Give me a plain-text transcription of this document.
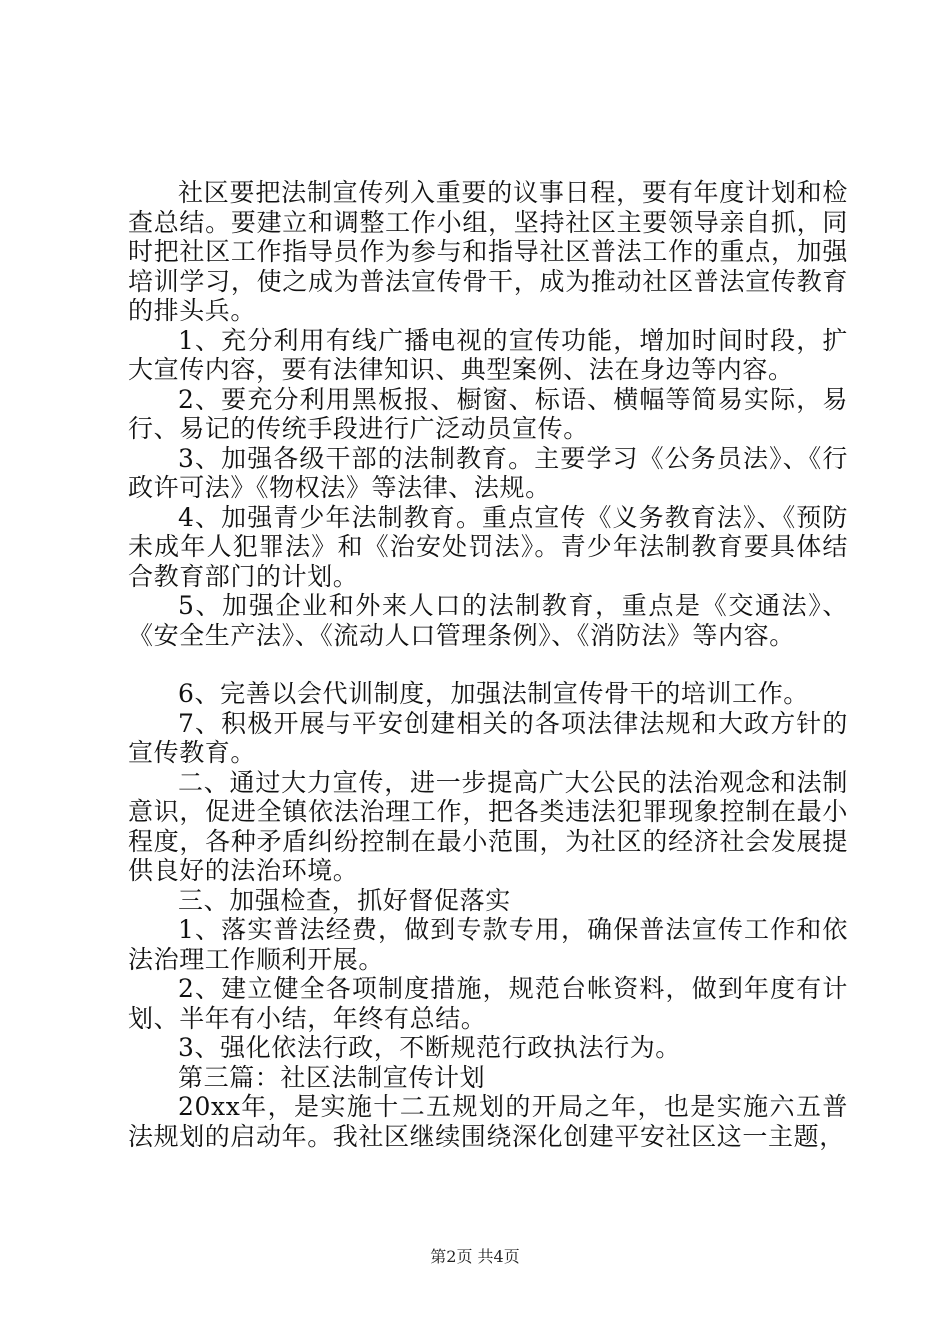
社区要把法制宣传列入重要的议事日程，要有年度计划和检查总结。要建立和调整工作小组，坚持社区主要领导亲自抓，同时把社区工作指导员作为参与和指导社区普法工作的重点，加强培训学习，使之成为普法宣传骨干，成为推动社区普法宣传教育的排头兵。

1、充分利用有线广播电视的宣传功能，增加时间时段，扩大宣传内容，要有法律知识、典型案例、法在身边等内容。

2、要充分利用黑板报、橱窗、标语、横幅等简易实际，易行、易记的传统手段进行广泛动员宣传。

3、加强各级干部的法制教育。主要学习《公务员法》、《行政许可法》《物权法》等法律、法规。

4、加强青少年法制教育。重点宣传《义务教育法》、《预防未成年人犯罪法》和《治安处罚法》。青少年法制教育要具体结合教育部门的计划。

5、加强企业和外来人口的法制教育，重点是《交通法》、《安全生产法》、《流动人口管理条例》、《消防法》等内容。

6、完善以会代训制度，加强法制宣传骨干的培训工作。

7、积极开展与平安创建相关的各项法律法规和大政方针的宣传教育。

二、通过大力宣传，进一步提高广大公民的法治观念和法制意识，促进全镇依法治理工作，把各类违法犯罪现象控制在最小程度，各种矛盾纠纷控制在最小范围，为社区的经济社会发展提供良好的法治环境。

三、加强检查，抓好督促落实

1、落实普法经费，做到专款专用，确保普法宣传工作和依法治理工作顺利开展。

2、建立健全各项制度措施，规范台帐资料，做到年度有计划、半年有小结，年终有总结。

3、强化依法行政，不断规范行政执法行为。

第三篇：社区法制宣传计划

20xx年，是实施十二五规划的开局之年，也是实施六五普法规划的启动年。我社区继续围绕深化创建平安社区这一主题，

第2页 共4页
